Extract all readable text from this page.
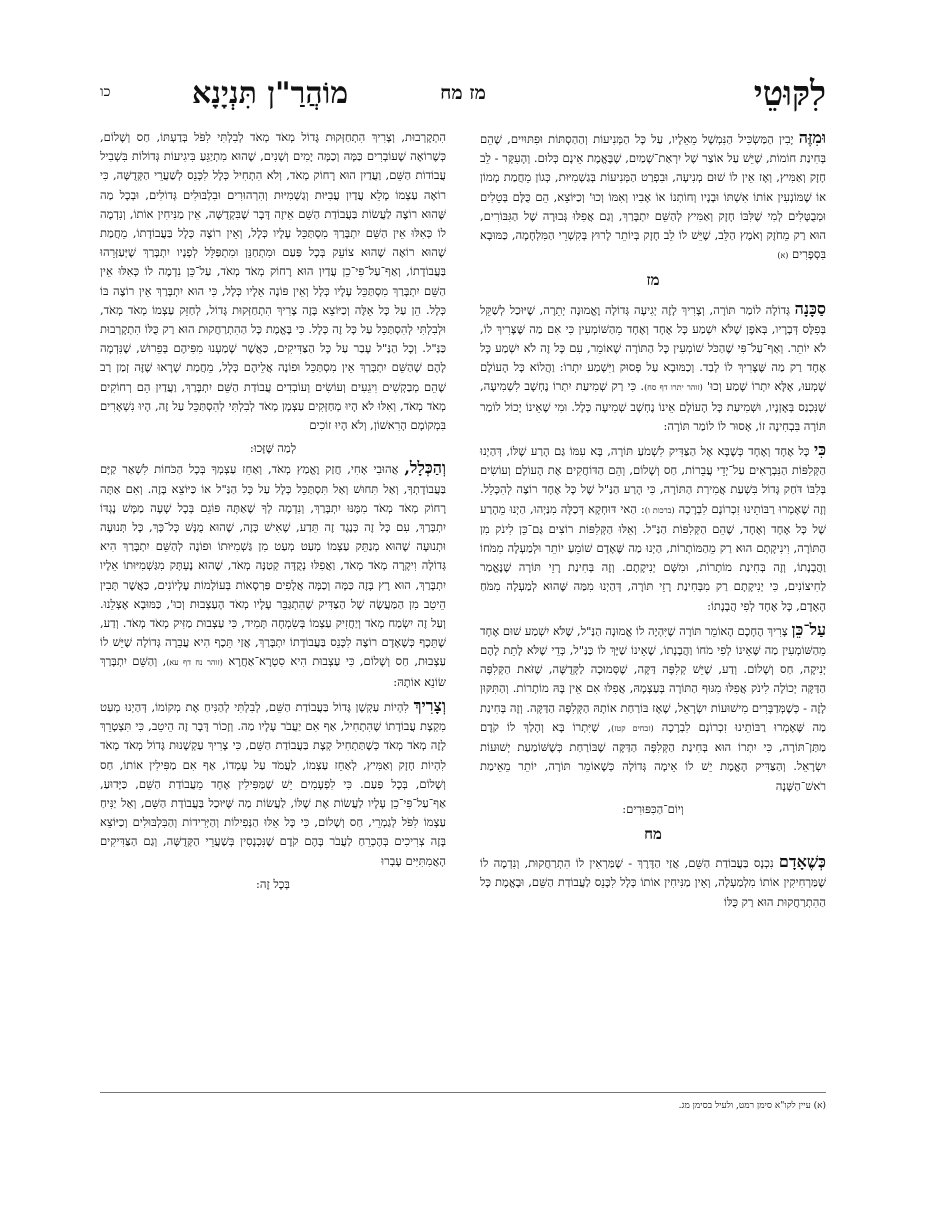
לִקּוּטֵי
מז מח
מוֹהֲרַ"ן תִּנְיָנָא
כו

וּמִזֶּה יָבִין הַמַּשְׂכִּיל הַנִּמְשָׁל מֵאֵלָיו, עַל כָּל הַמְּנִיעוֹת וְהַהַסְתּוֹת וּפִתּוּיִים, שֶׁהֵם בְּחִינַת חוֹמוֹת, שֶׁיֵּשׁ עַל אוֹצַר שֶׁל יִרְאַת־שָׁמַיִם, שֶׁבֶּאֱמֶת אֵינָם כְּלוּם. וְהָעִקָּר - לֵב חָזָק וְאַמִּיץ, וְאָז אֵין לוֹ שׁוּם מְנִיעָה, וּבִפְרַט הַמְּנִיעוֹת בְּגַשְׁמִיּוּת, כְּגוֹן מֵחֲמַת מָמוֹן אוֹ שֶׁמּוֹנְעִין אוֹתוֹ אִשְׁתּוֹ וּבָנָיו וְחוֹתְנוֹ אוֹ אָבִיו וְאִמּוֹ וְכוּ' וְכַיּוֹצֵא, הֵם כֻּלָּם בְּטֵלִים וּמְבֻטָּלִים לְמִי שֶׁלִּבּוֹ חָזָק וְאַמִּיץ לְהַשֵּׁם יִתְבָּרַךְ, וְגַם אֲפִלּוּ גְּבוּרָה שֶׁל הַגִּבּוֹרִים, הוּא רַק מֵחֹזֶק וְאֹמֶץ הַלֵּב, שֶׁיֵּשׁ לוֹ לֵב חָזָק בְּיוֹתֵר לָרוּץ בְּקִשְׁרֵי הַמִּלְחָמָה, כַּמּוּבָא בִּסְפָרִים (א)

מז

סַכָּנָה גְּדוֹלָה לוֹמַר תּוֹרָה, וְצָרִיךְ לָזֶה יְגִיעָה גְּדוֹלָה וֶאֱמוּנָה יְתֵרָה, שֶׁיּוּכַל לְשַׁקֵּל בְּפִלֶּס דְּבָרָיו, בְּאֹפֶן שֶׁלֹּא יִשְׁמַע כָּל אֶחָד וְאֶחָד מֵהַשּׁוֹמְעִין כִּי אִם מַה שֶּׁצָּרִיךְ לוֹ, לֹא יוֹתֵר. וְאַף־עַל־פִּי שֶׁהַכֹּל שׁוֹמְעִין כָּל הַתּוֹרָה שֶׁאוֹמֵר, עִם כָּל זֶה לֹא יִשְׁמַע כָּל אֶחָד רַק מַה שֶּׁצָּרִיךְ לוֹ לְבַד. וְכַמּוּבָא עַל פָּסוּק וַיִּשְׁמַע יִתְרוֹ: וַהֲלוֹא כָּל הָעוֹלָם שָׁמְעוּ, אֶלָּא יִתְרוֹ שָׁמַע וְכוּ' (זוהר יתרו דף סח). כִּי רַק שְׁמִיעַת יִתְרוֹ נֶחְשָׁב לִשְׁמִיעָה, שֶׁנִּכְנַס בְּאָזְנָיו, וּשְׁמִיעַת כָּל הָעוֹלָם אֵינוֹ נֶחְשָׁב שְׁמִיעָה כְּלָל. וּמִי שֶׁאֵינוֹ יָכוֹל לוֹמַר תּוֹרָה בִּבְחִינָה זוֹ, אָסוּר לוֹ לוֹמַר תּוֹרָה:

כִּי כָּל אֶחָד וְאֶחָד כְּשֶׁבָּא אֶל הַצַּדִּיק לִשְׁמֹעַ תּוֹרָה, בָּא עִמּוֹ גַּם הָרַע שֶׁלּוֹ, דְּהַיְנוּ הַקְּלִפּוֹת הַנִּבְרָאִים עַל־יְדֵי עֲבֵרוֹת, חַס וְשָׁלוֹם, וְהֵם הַדּוֹחֲקִים אֶת הָעוֹלָם וְעוֹשִׂים בְּלִבּוֹ דֹּחַק גָּדוֹל בִּשְׁעַת אֲמִירַת הַתּוֹרָה, כִּי הָרַע הַנַּ"ל שֶׁל כָּל אֶחָד רוֹצֶה לְהִכָּלֵל. וְזֶה שֶׁאָמְרוּ רַבּוֹתֵינוּ זִכְרוֹנָם לִבְרָכָה (ברכות ו): הַאי דּוּחְקָא דְּכַלָּה מִנַּיְהוּ, הַיְנוּ מֵהָרַע שֶׁל כָּל אֶחָד וְאֶחָד, שֶׁהֵם הַקְּלִפּוֹת הַנַּ"ל. וְאֵלּוּ הַקְּלִפּוֹת רוֹצִים גַּם־כֵּן לִינֹק מִן הַתּוֹרָה, וִינִיקָתָם הוּא רַק מֵהַמּוֹתָרוֹת, הַיְנוּ מַה שֶּׁאָדָם שׁוֹמֵעַ יוֹתֵר וּלְמַעְלָה מִמֹּחוֹ וַהֲבָנָתוֹ, וְזֶה בְּחִינַת מוֹתָרוֹת, וּמִשָּׁם יְנִיקָתָם. וְזֶה בְּחִינַת רָזֵי תּוֹרָה שֶׁנֶּאֱמַר לַחִיצוֹנִים, כִּי יְנִיקָתָם רַק מִבְּחִינַת רָזֵי תּוֹרָה, דְּהַיְנוּ מִמַּה שֶּׁהוּא לְמַעְלָה מִמֹּחַ הָאָדָם, כָּל אֶחָד לְפִי הֲבָנָתוֹ:

עַל־כֵּן צָרִיךְ הֶחָכָם הָאוֹמֵר תּוֹרָה שֶׁיִּהְיֶה לוֹ אֱמוּנָה הַנַּ"ל, שֶׁלֹּא יִשְׁמַע שׁוּם אֶחָד מֵהַשּׁוֹמְעִין מַה שֶּׁאֵינוֹ לְפִי מֹחוֹ וַהֲבָנָתוֹ, שֶׁאֵינוֹ שַׁיָּךְ לוֹ כַּנַּ"ל, כְּדֵי שֶׁלֹּא לָתֵת לָהֶם יְנִיקָה, חַס וְשָׁלוֹם. וְדַע, שֶׁיֵּשׁ קְלִפָּה דַּקָּה, שֶׁסְּמוּכָה לַקְּדֻשָּׁה, שֶׁזֹּאת הַקְּלִפָּה הַדַּקָּה יְכוֹלָה לִינֹק אֲפִלּוּ מִגּוּף הַתּוֹרָה בְּעַצְמָהּ, אֲפִלּוּ אִם אֵין בָּהּ מוֹתָרוֹת. וְהַתִּקּוּן לָזֶה - כְּשֶׁמְּדַבְּרִים מִישׁוּעוֹת יִשְׂרָאֵל, שֶׁאָז בּוֹרַחַת אוֹתָהּ הַקְּלִפָּה הַדַּקָּה. וְזֶה בְּחִינַת מַה שֶּׁאָמְרוּ רַבּוֹתֵינוּ זִכְרוֹנָם לִבְרָכָה (זבחים קטז), שֶׁיִּתְרוֹ בָּא וְהָלַךְ לוֹ קֹדֶם מַתַּן־תּוֹרָה, כִּי יִתְרוֹ הוּא בְּחִינַת הַקְּלִפָּה הַדַּקָּה שֶׁבּוֹרַחַת כְּשֶׁשּׁוֹמַעַת יְשׁוּעוֹת יִשְׂרָאֵל. וְהַצַּדִּיק הָאֱמֶת יֵשׁ לוֹ אֵימָה גְּדוֹלָה כְּשֶׁאוֹמֵר תּוֹרָה, יוֹתֵר מֵאֵימַת רֹאשׁ־הַשָּׁנָה

וְיוֹם־הַכִּפּוּרִים:
מח

כְּשֶׁאָדָם נִכְנָס בַּעֲבוֹדַת הַשֵּׁם, אֲזַי הַדֶּרֶךְ - שֶׁמַּרְאִין לוֹ הִתְרַחֲקוּת, וְנִדְמֶה לוֹ שֶׁמַּרְחִיקִין אוֹתוֹ מִלְמַעְלָה, וְאֵין מַנִּיחִין אוֹתוֹ כְּלָל לִכָּנֵס לַעֲבוֹדַת הַשֵּׁם, וּבֶאֱמֶת כָּל הַהִתְרַחֲקוּת הוּא רַק כֻּלּוֹ

הִתְקָרְבוּת, וְצָרִיךְ הִתְחַזְּקוּת גָּדוֹל מְאֹד מְאֹד לְבִלְתִּי לִפֹּל בְּדַעְתּוֹ, חַס וְשָׁלוֹם, כְּשֶׁרוֹאֶה שֶׁעוֹבְרִים כַּמָּה וְכַמָּה יָמִים וְשָׁנִים, שֶׁהוּא מִתְיַגֵּעַ בִּיגִיעוֹת גְּדוֹלוֹת בִּשְׁבִיל עֲבוֹדוֹת הַשֵּׁם, וַעֲדַיִן הוּא רָחוֹק מְאֹד, וְלֹא הִתְחִיל כְּלָל לִכָּנֵס לְשַׁעֲרֵי הַקְּדֻשָּׁה, כִּי רוֹאֶה עַצְמוֹ מָלֵא עֲדַיִן עֲבִיּוּת וְגַשְׁמִיּוּת וְהִרְהוּרִים וּבִלְבּוּלִים גְּדוֹלִים, וּבְכָל מַה שֶּׁהוּא רוֹצֶה לַעֲשׂוֹת בַּעֲבוֹדַת הַשֵּׁם אֵיזֶה דָּבָר שֶׁבִּקְדֻשָּׁה, אֵין מַנִּיחִין אוֹתוֹ, וְנִדְמֶה לוֹ כְּאִלּוּ אֵין הַשֵּׁם יִתְבָּרַךְ מִסְתַּכֵּל עָלָיו כְּלָל, וְאֵין רוֹצֶה כְּלָל בַּעֲבוֹדָתוֹ, מֵחֲמַת שֶׁהוּא רוֹאֶה שֶׁהוּא צוֹעֵק בְּכָל פַּעַם וּמִתְחַנֵּן וּמִתְפַּלֵּל לְפָנָיו יִתְבָּרַךְ שֶׁיְּעַזְּרֵהוּ בַּעֲבוֹדָתוֹ, וְאַף־עַל־פִּי־כֵן עֲדַיִן הוּא רָחוֹק מְאֹד מְאֹד, עַל־כֵּן נִדְמֶה לוֹ כְּאִלּוּ אֵין הַשֵּׁם יִתְבָּרַךְ מִסְתַּכֵּל עָלָיו כְּלָל וְאֵין פּוֹנֶה אֵלָיו כְּלָל, כִּי הוּא יִתְבָּרַךְ אֵין רוֹצֶה בּוֹ כְּלָל. הֵן עַל כָּל אֵלֶּה וְכַיּוֹצֵא בָּזֶה צָרִיךְ הִתְחַזְּקוּת גָּדוֹל, לְחַזֵּק עַצְמוֹ מְאֹד מְאֹד, וּלְבִלְתִּי לְהִסְתַּכֵּל עַל כָּל זֶה כְּלָל. כִּי בֶּאֱמֶת כָּל הַהִתְרַחֲקוּת הוּא רַק כֻּלּוֹ הִתְקָרְבוּת כַּנַּ"ל. וְכָל הַנַּ"ל עָבַר עַל כָּל הַצַּדִּיקִים, כַּאֲשֶׁר שָׁמַעְנוּ מִפִּיהֶם בְּפֵרוּשׁ, שֶׁנִּדְמָה לָהֶם שֶׁהַשֵּׁם יִתְבָּרַךְ אֵין מִסְתַּכֵּל וּפוֹנֶה אֲלֵיהֶם כְּלָל, מֵחֲמַת שֶׁרָאוּ שֶׁזֶּה זְמַן רַב שֶׁהֵם מְבַקְשִׁים וִיגֵעִים וְעוֹשִׂים וְעוֹבְדִים עֲבוֹדַת הַשֵּׁם יִתְבָּרַךְ, וַעֲדַיִן הֵם רְחוֹקִים מְאֹד מְאֹד, וְאִלּוּ לֹא הָיוּ מְחַזְּקִים עַצְמָן מְאֹד לְבִלְתִּי לְהִסְתַּכֵּל עַל זֶה, הָיוּ נִשְׁאָרִים בִּמְקוֹמָם הָרִאשׁוֹן, וְלֹא הָיוּ זוֹכִים

לְמַה שֶּׁזָּכוּ:

וְהַכְּלָל, אֲהוּבִי אָחִי, חֲזַק וֶאֱמַץ מְאֹד, וְאַחֵז עַצְמְךָ בְּכָל הַכֹּחוֹת לִשְׁאַר קַיָּם בַּעֲבוֹדָתְךָ, וְאַל תִּחוּשׁ וְאַל תִּסְתַּכֵּל כְּלָל עַל כָּל הַנַּ"ל אוֹ כַּיּוֹצֵא בָּזֶה. וְאִם אַתָּה רָחוֹק מְאֹד מְאֹד מִמֶּנּוּ יִתְבָּרַךְ, וְנִדְמֶה לְךָ שֶׁאַתָּה פּוֹגֵם בְּכָל שָׁעָה מַמָּשׁ נֶגְדּוֹ יִתְבָּרַךְ, עִם כָּל זֶה כְּנֶגֶד זֶה תֵּדַע, שֶׁאִישׁ כָּזֶה, שֶׁהוּא מֻנָּשׁ כָּל־כָּךְ, כָּל תְּנוּעָה וּתְנוּעָה שֶׁהוּא מְנַתֵּק עַצְמוֹ מְעַט מְעַט מִן גַּשְׁמִיּוּתוֹ וּפוֹנֶה לְהַשֵּׁם יִתְבָּרַךְ הִיא גְּדוֹלָה וִיקָרָה מְאֹד מְאֹד, וַאֲפִלּוּ נְקֻדָּה קְטַנָּה מְאֹד, שֶׁהוּא נֶעְתָּק מִגַּשְׁמִיּוּתוֹ אֵלָיו יִתְבָּרַךְ, הוּא רָץ בָּזֶה כַּמָּה וְכַמָּה אֲלָפִים פַּרְסָאוֹת בְּעוֹלָמוֹת עֶלְיוֹנִים, כַּאֲשֶׁר תָּבִין הֵיטֵב מִן הַמַּעֲשֶׂה שֶׁל הַצַּדִּיק שֶׁהִתְגַּבֵּר עָלָיו מְאֹד הָעַצְבוּת וְכוּ', כַּמּוּבָא אֶצְלֵנוּ. וְעַל זֶה יִשְׂמַח מְאֹד וְיַחֲזִיק עַצְמוֹ בְּשִׂמְחָה תָּמִיד, כִּי עַצְבוּת מַזִּיק מְאֹד מְאֹד. וְדַע, שֶׁתֵּכֶף כְּשֶׁאָדָם רוֹצֶה לִכָּנֵס בַּעֲבוֹדָתוֹ יִתְבָּרַךְ, אֲזַי תֵּכֶף הִיא עֲבֵרָה גְּדוֹלָה שֶׁיֵּשׁ לוֹ עַצְבוּת, חַס וְשָׁלוֹם, כִּי עַצְבוּת הִיא סִטְרָא־אַחֲרָא (זוהר נח דף עא), וְהַשֵּׁם יִתְבָּרַךְ שׂוֹנֵא אוֹתָהּ:

וְצָרִיךְ לִהְיוֹת עַקְשָׁן גָּדוֹל בַּעֲבוֹדַת הַשֵּׁם, לְבִלְתִּי לְהַנִּיחַ אֶת מְקוֹמוֹ, דְּהַיְנוּ מְעַט מִקְצָת עֲבוֹדָתוֹ שֶׁהִתְחִיל, אַף אִם יַעֲבֹר עָלָיו מַה. וְזָכוֹר דָּבָר זֶה הֵיטֵב, כִּי תִּצְטָרֵךְ לָזֶה מְאֹד מְאֹד כְּשֶׁתַּתְחִיל קְצָת בַּעֲבוֹדַת הַשֵּׁם, כִּי צָרִיךְ עַקְשָׁנוּת גָּדוֹל מְאֹד מְאֹד לִהְיוֹת חָזָק וְאַמִּיץ, לְאַחֵז עַצְמוֹ, לַעֲמֹד עַל עָמְדוֹ, אַף אִם מַפִּילִין אוֹתוֹ, חַס וְשָׁלוֹם, בְּכָל פַּעַם. כִּי לִפְעָמִים יֵשׁ שֶׁמַּפִּילִין אֶחָד מֵעֲבוֹדַת הַשֵּׁם, כַּיָּדוּעַ, אַף־עַל־פִּי־כֵן עָלָיו לַעֲשׂוֹת אֶת שֶׁלּוֹ, לַעֲשׂוֹת מַה שֶּׁיּוּכַל בַּעֲבוֹדַת הַשֵּׁם, וְאַל יַנִּיחַ עַצְמוֹ לִפֹּל לְגַמְרֵי, חַס וְשָׁלוֹם, כִּי כָּל אֵלּוּ הַנְּפִילוֹת וְהַיְּרִידוֹת וְהַבִּלְבּוּלִים וְכַיּוֹצֵא בָּזֶה צְרִיכִים בְּהֶכְרֵחַ לַעֲבֹר בָּהֶם קֹדֶם שֶׁנִּכְנָסִין בְּשַׁעֲרֵי הַקְּדֻשָּׁה, וְגַם הַצַּדִּיקִים הָאֲמִתִּיִּים עָבְרוּ

בְּכָל זֶה:
(א) עיין לקו"א סימן רמט, ולעיל בסימן מג.
